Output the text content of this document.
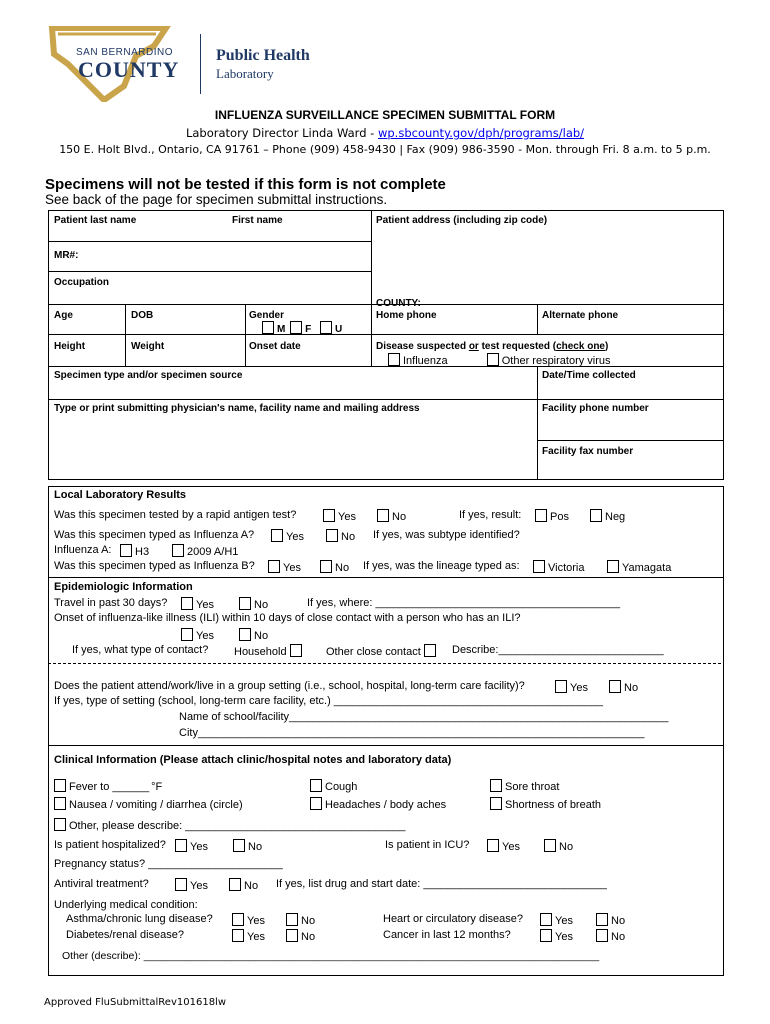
SAN BERNARDINO
COUNTY
Public Health
Laboratory
INFLUENZA SURVEILLANCE SPECIMEN SUBMITTAL FORM
Laboratory Director Linda Ward - wp.sbcounty.gov/dph/programs/lab/
150 E. Holt Blvd., Ontario, CA 91761 – Phone (909) 458-9430 | Fax (909) 986-3590 - Mon. through Fri. 8 a.m. to 5 p.m.
Specimens will not be tested if this form is not complete
See back of the page for specimen submittal instructions.
Patient last name	First name	Patient address (including zip code)
MR#:
Occupation
COUNTY:
Age	DOB	Gender	Home phone	Alternate phone
M F U
Height	Weight	Onset date	Disease suspected or test requested (check one)
Influenza	Other respiratory virus
Specimen type and/or specimen source	Date/Time collected
Type or print submitting physician's name, facility name and mailing address	Facility phone number
Facility fax number
Local Laboratory Results
Was this specimen tested by a rapid antigen test?	Yes	No	If yes, result:	Pos	Neg
Was this specimen typed as Influenza A?	Yes	No If yes, was subtype identified?
Influenza A:	H3	2009 A/H1
Was this specimen typed as Influenza B?	Yes	No If yes, was the lineage typed as:	Victoria	Yamagata
Epidemiologic Information
Travel in past 30 days?	Yes	No	If yes, where: ________________________________________
Onset of influenza-like illness (ILI) within 10 days of close contact with a person who has an ILI?
Yes	No
If yes, what type of contact? Household	Other close contact	Describe:___________________________
Does the patient attend/work/live in a group setting (i.e., school, hospital, long-term care facility)?	Yes	No
If yes, type of setting (school, long-term care facility, etc.) ____________________________________________
Name of school/facility______________________________________________________________
City_________________________________________________________________________
Clinical Information (Please attach clinic/hospital notes and laboratory data)
Fever to ______ °F	Cough	Sore throat
Nausea / vomiting / diarrhea (circle)	Headaches / body aches	Shortness of breath
Other, please describe: ____________________________________
Is patient hospitalized?	Yes	No	Is patient in ICU?	Yes	No
Pregnancy status? ______________________
Antiviral treatment?	Yes	No If yes, list drug and start date: ______________________________
Underlying medical condition:
Asthma/chronic lung disease?	Yes	No	Heart or circulatory disease?	Yes	No
Diabetes/renal disease?	Yes	No	Cancer in last 12 months?	Yes	No
Other (describe): ______________________________________________________________________________
Approved FluSubmittalRev101618lw
